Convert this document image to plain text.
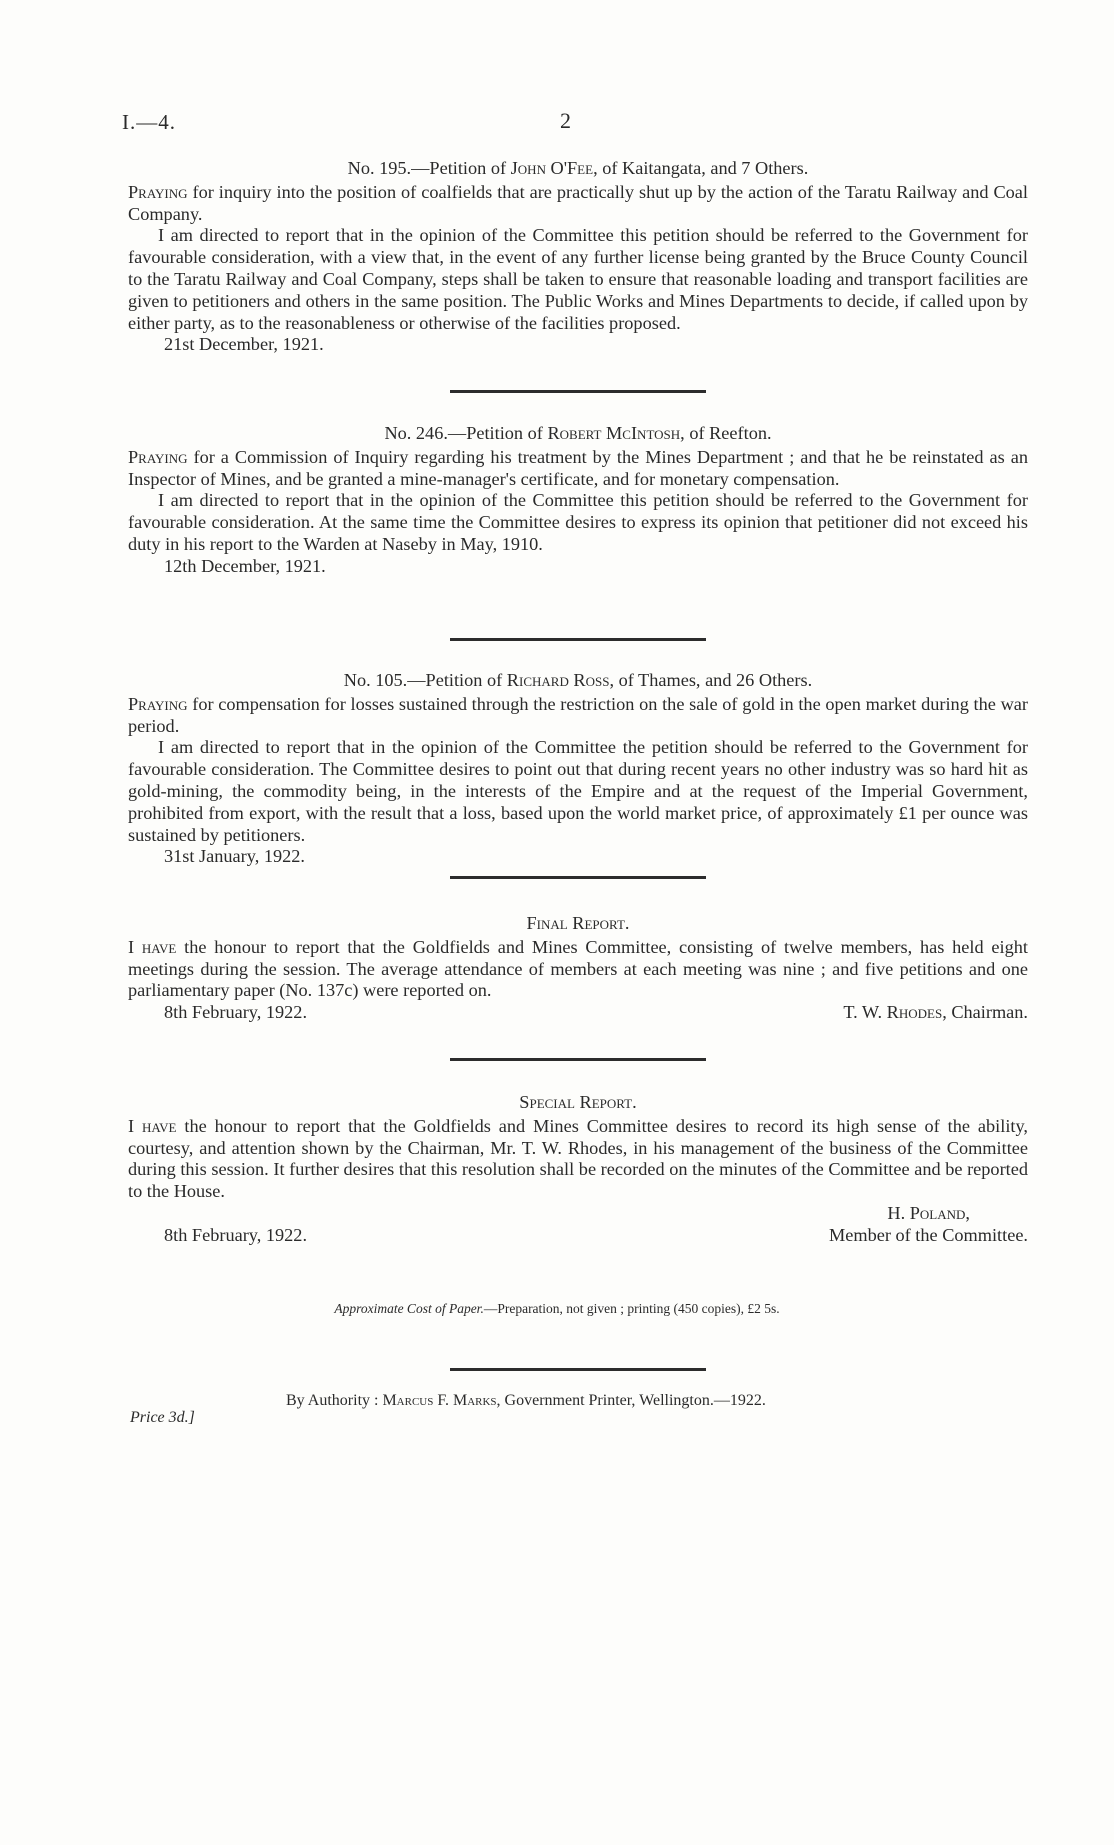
I.—4.	2
No. 195.—Petition of John O'Fee, of Kaitangata, and 7 Others.

Praying for inquiry into the position of coalfields that are practically shut up by the action of the Taratu Railway and Coal Company.

I am directed to report that in the opinion of the Committee this petition should be referred to the Government for favourable consideration, with a view that, in the event of any further license being granted by the Bruce County Council to the Taratu Railway and Coal Company, steps shall be taken to ensure that reasonable loading and transport facilities are given to petitioners and others in the same position. The Public Works and Mines Departments to decide, if called upon by either party, as to the reasonableness or otherwise of the facilities proposed.

21st December, 1921.
No. 246.—Petition of Robert McIntosh, of Reefton.

Praying for a Commission of Inquiry regarding his treatment by the Mines Department ; and that he be reinstated as an Inspector of Mines, and be granted a mine-manager's certificate, and for monetary compensation.

I am directed to report that in the opinion of the Committee this petition should be referred to the Government for favourable consideration. At the same time the Committee desires to express its opinion that petitioner did not exceed his duty in his report to the Warden at Naseby in May, 1910.

12th December, 1921.
No. 105.—Petition of Richard Ross, of Thames, and 26 Others.

Praying for compensation for losses sustained through the restriction on the sale of gold in the open market during the war period.

I am directed to report that in the opinion of the Committee the petition should be referred to the Government for favourable consideration. The Committee desires to point out that during recent years no other industry was so hard hit as gold-mining, the commodity being, in the interests of the Empire and at the request of the Imperial Government, prohibited from export, with the result that a loss, based upon the world market price, of approximately £1 per ounce was sustained by petitioners.

31st January, 1922.
Final Report.

I have the honour to report that the Goldfields and Mines Committee, consisting of twelve members, has held eight meetings during the session. The average attendance of members at each meeting was nine ; and five petitions and one parliamentary paper (No. 137c) were reported on.

8th February, 1922.	T. W. Rhodes, Chairman.
Special Report.

I have the honour to report that the Goldfields and Mines Committee desires to record its high sense of the ability, courtesy, and attention shown by the Chairman, Mr. T. W. Rhodes, in his management of the business of the Committee during this session. It further desires that this resolution shall be recorded on the minutes of the Committee and be reported to the House.

H. Poland,
8th February, 1922.	Member of the Committee.
Approximate Cost of Paper.—Preparation, not given ; printing (450 copies), £2 5s.
By Authority : Marcus F. Marks, Government Printer, Wellington.—1922.
Price 3d.]
